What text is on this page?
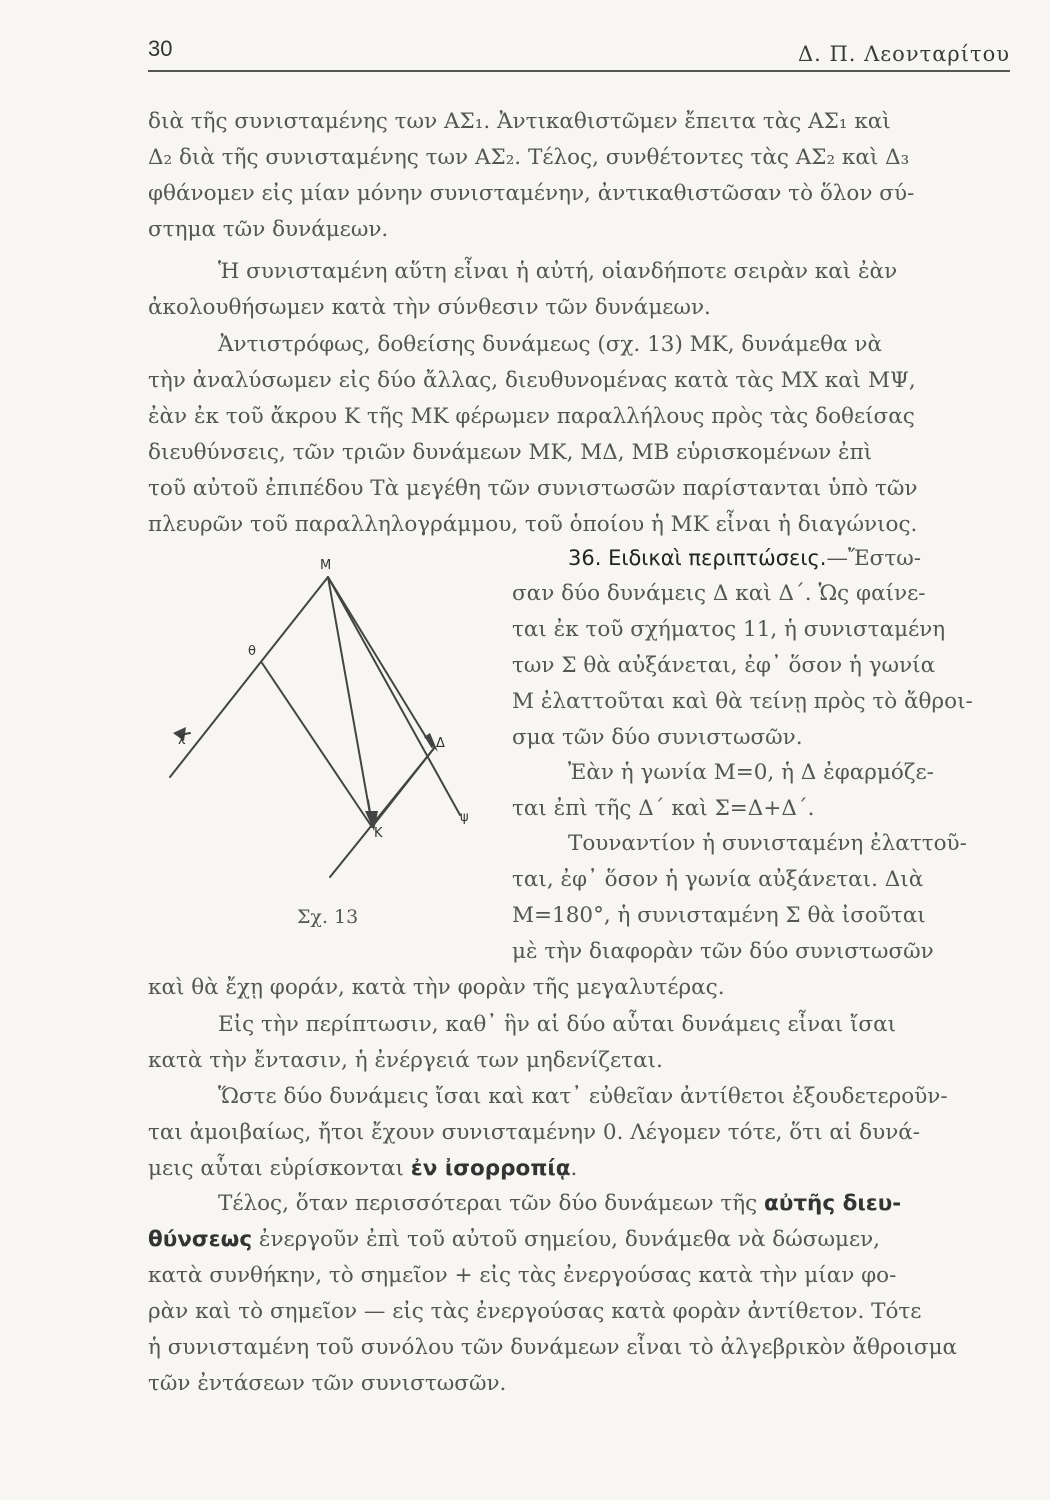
30	Δ. Π. Λεονταρίτου
διὰ τῆς συνισταμένης των ΑΣ₁. Ἀντικαθιστῶμεν ἔπειτα τὰς ΑΣ₁ καὶ
Δ₂ διὰ τῆς συνισταμένης των ΑΣ₂. Τέλος, συνθέτοντες τὰς ΑΣ₂ καὶ Δ₃
φθάνομεν εἰς μίαν μόνην συνισταμένην, ἀντικαθιστῶσαν τὸ ὅλον σύ-
στημα τῶν δυνάμεων.
Ἡ συνισταμένη αὕτη εἶναι ἡ αὐτή, οἱανδήποτε σειρὰν καὶ ἐὰν
ἀκολουθήσωμεν κατὰ τὴν σύνθεσιν τῶν δυνάμεων.
Ἀντιστρόφως, δοθείσης δυνάμεως (σχ. 13) ΜΚ, δυνάμεθα νὰ
τὴν ἀναλύσωμεν εἰς δύο ἄλλας, διευθυνομένας κατὰ τὰς ΜΧ καὶ ΜΨ,
ἐὰν ἐκ τοῦ ἄκρου Κ τῆς ΜΚ φέρωμεν παραλλήλους πρὸς τὰς δοθείσας
διευθύνσεις, τῶν τριῶν δυνάμεων ΜΚ, ΜΔ, ΜΒ εὑρισκομένων ἐπὶ
τοῦ αὐτοῦ ἐπιπέδου Τὰ μεγέθη τῶν συνιστωσῶν παρίστανται ὑπὸ τῶν
πλευρῶν τοῦ παραλληλογράμμου, τοῦ ὁποίου ἡ ΜΚ εἶναι ἡ διαγώνιος.
36. Ειδικαὶ περιπτώσεις.—Ἔστω-
σαν δύο δυνάμεις Δ καὶ Δ΄. Ὡς φαίνε-
ται ἐκ τοῦ σχήματος 11, ἡ συνισταμένη
των Σ θὰ αὐξάνεται, ἐφ᾽ ὅσον ἡ γωνία
Μ ἐλαττοῦται καὶ θὰ τείνῃ πρὸς τὸ ἄθροι-
σμα τῶν δύο συνιστωσῶν.
Ἐὰν ἡ γωνία Μ=0, ἡ Δ ἐφαρμόζε-
ται ἐπὶ τῆς Δ΄ καὶ Σ=Δ+Δ΄.
Τουναντίον ἡ συνισταμένη ἐλαττοῦ-
ται, ἐφ᾽ ὅσον ἡ γωνία αὐξάνεται. Διὰ
Μ=180°, ἡ συνισταμένη Σ θὰ ἰσοῦται
μὲ τὴν διαφορὰν τῶν δύο συνιστωσῶν
καὶ θὰ ἔχῃ φοράν, κατὰ τὴν φορὰν τῆς μεγαλυτέρας.
Εἰς τὴν περίπτωσιν, καθ᾽ ἣν αἱ δύο αὗται δυνάμεις εἶναι ἴσαι
κατὰ τὴν ἔντασιν, ἡ ἐνέργειά των μηδενίζεται.
Ὥστε δύο δυνάμεις ἴσαι καὶ κατ᾽ εὐθεῖαν ἀντίθετοι ἐξουδετεροῦν-
ται ἀμοιβαίως, ἤτοι ἔχουν συνισταμένην 0. Λέγομεν τότε, ὅτι αἱ δυνά-
μεις αὗται εὑρίσκονται ἐν ἰσορροπίᾳ.
Τέλος, ὅταν περισσότεραι τῶν δύο δυνάμεων τῆς αὐτῆς διευ-
θύνσεως ἐνεργοῦν ἐπὶ τοῦ αὐτοῦ σημείου, δυνάμεθα νὰ δώσωμεν,
κατὰ συνθήκην, τὸ σημεῖον + εἰς τὰς ἐνεργούσας κατὰ τὴν μίαν φο-
ρὰν καὶ τὸ σημεῖον — εἰς τὰς ἐνεργούσας κατὰ φορὰν ἀντίθετον. Τότε
ἡ συνισταμένη τοῦ συνόλου τῶν δυνάμεων εἶναι τὸ ἀλγεβρικὸν ἄθροισμα
τῶν ἐντάσεων τῶν συνιστωσῶν.
M
θ
χ	Δ
K
ψ
Σχ. 13
